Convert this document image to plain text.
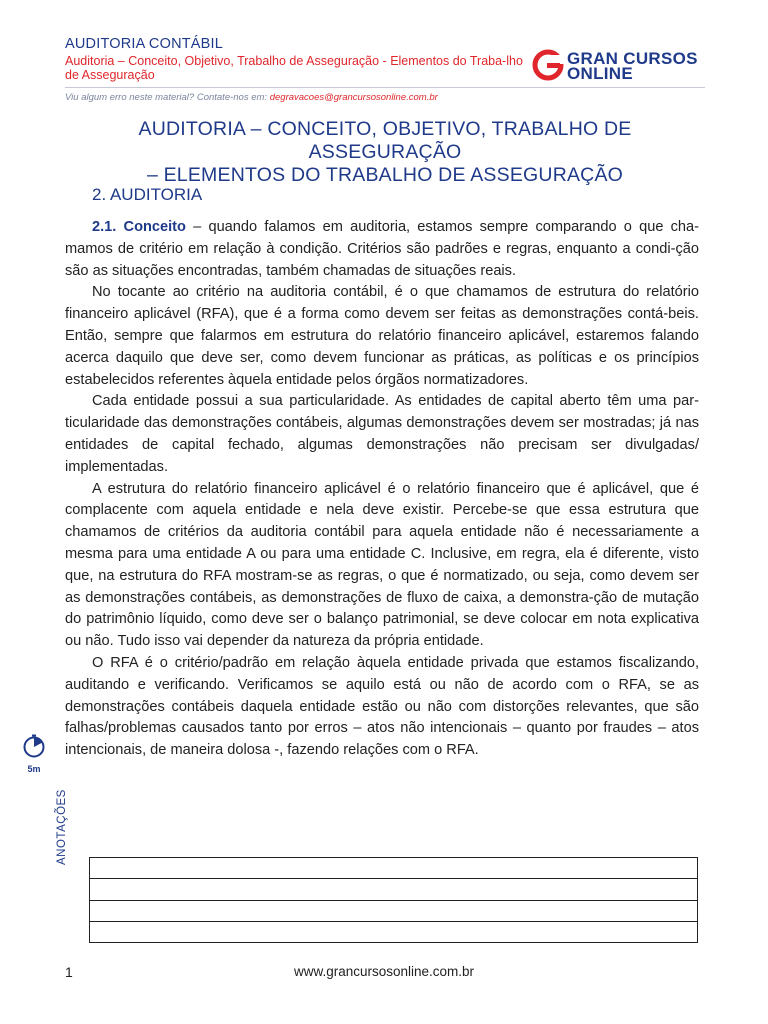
AUDITORIA CONTÁBIL
Auditoria – Conceito, Objetivo, Trabalho de Asseguração - Elementos do Traba-lho de Asseguração
GRAN CURSOS
ONLINE
Viu algum erro neste material? Contate-nos em: degravacoes@grancursosonline.com.br
AUDITORIA – CONCEITO, OBJETIVO, TRABALHO DE ASSEGURAÇÃO
– ELEMENTOS DO TRABALHO DE ASSEGURAÇÃO
2. AUDITORIA

2.1. Conceito – quando falamos em auditoria, estamos sempre comparando o que cha-mamos de critério em relação à condição. Critérios são padrões e regras, enquanto a condi-ção são as situações encontradas, também chamadas de situações reais.

No tocante ao critério na auditoria contábil, é o que chamamos de estrutura do relatório financeiro aplicável (RFA), que é a forma como devem ser feitas as demonstrações contá-beis. Então, sempre que falarmos em estrutura do relatório financeiro aplicável, estaremos falando acerca daquilo que deve ser, como devem funcionar as práticas, as políticas e os princípios estabelecidos referentes àquela entidade pelos órgãos normatizadores.

Cada entidade possui a sua particularidade. As entidades de capital aberto têm uma par-ticularidade das demonstrações contábeis, algumas demonstrações devem ser mostradas; já nas entidades de capital fechado, algumas demonstrações não precisam ser divulgadas/ implementadas.

A estrutura do relatório financeiro aplicável é o relatório financeiro que é aplicável, que é complacente com aquela entidade e nela deve existir. Percebe-se que essa estrutura que chamamos de critérios da auditoria contábil para aquela entidade não é necessariamente a mesma para uma entidade A ou para uma entidade C. Inclusive, em regra, ela é diferente, visto que, na estrutura do RFA mostram-se as regras, o que é normatizado, ou seja, como devem ser as demonstrações contábeis, as demonstrações de fluxo de caixa, a demonstra-ção de mutação do patrimônio líquido, como deve ser o balanço patrimonial, se deve colocar em nota explicativa ou não. Tudo isso vai depender da natureza da própria entidade.

O RFA é o critério/padrão em relação àquela entidade privada que estamos fiscalizando, auditando e verificando. Verificamos se aquilo está ou não de acordo com o RFA, se as demonstrações contábeis daquela entidade estão ou não com distorções relevantes, que são falhas/problemas causados tanto por erros – atos não intencionais – quanto por fraudes – atos intencionais, de maneira dolosa -, fazendo relações com o RFA.

5m
ANOTAÇÕES
1	www.grancursosonline.com.br
